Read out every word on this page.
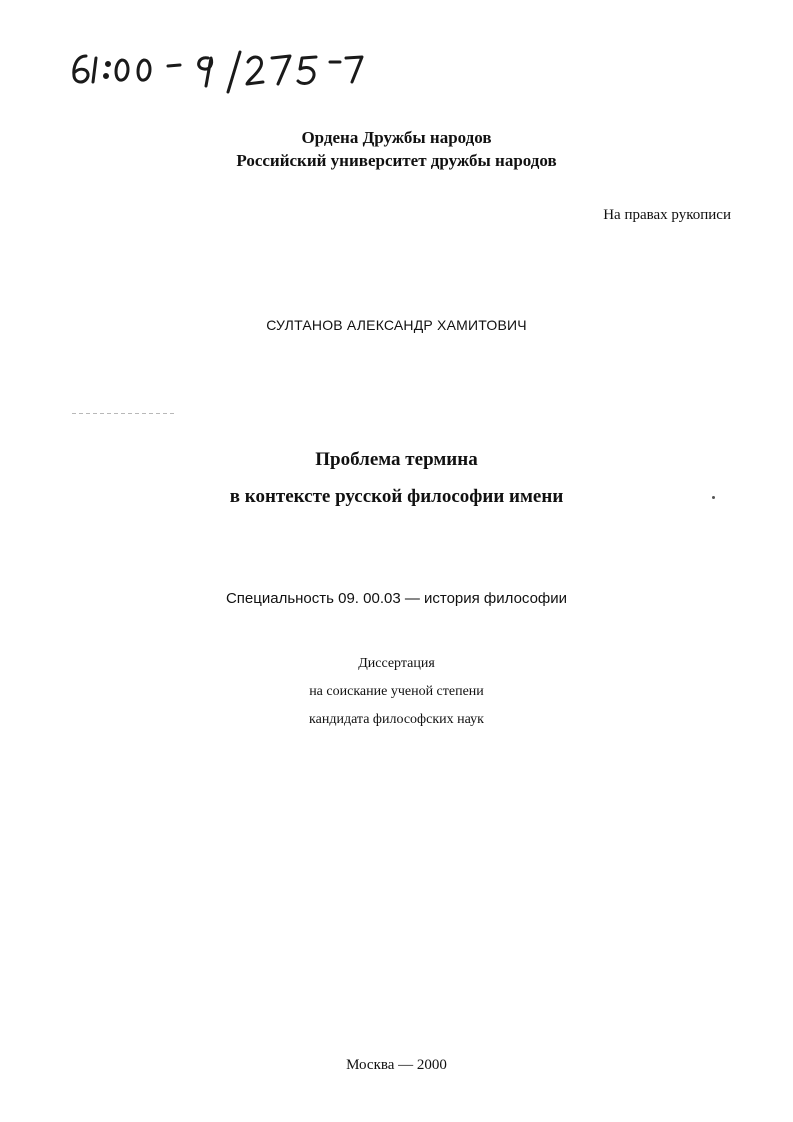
Ордена Дружбы народов
Российский университет дружбы народов
На правах рукописи
СУЛТАНОВ АЛЕКСАНДР ХАМИТОВИЧ
Проблема термина
в контексте русской философии имени
Специальность 09. 00.03 — история философии
Диссертация
на соискание ученой степени
кандидата философских наук
Москва — 2000
